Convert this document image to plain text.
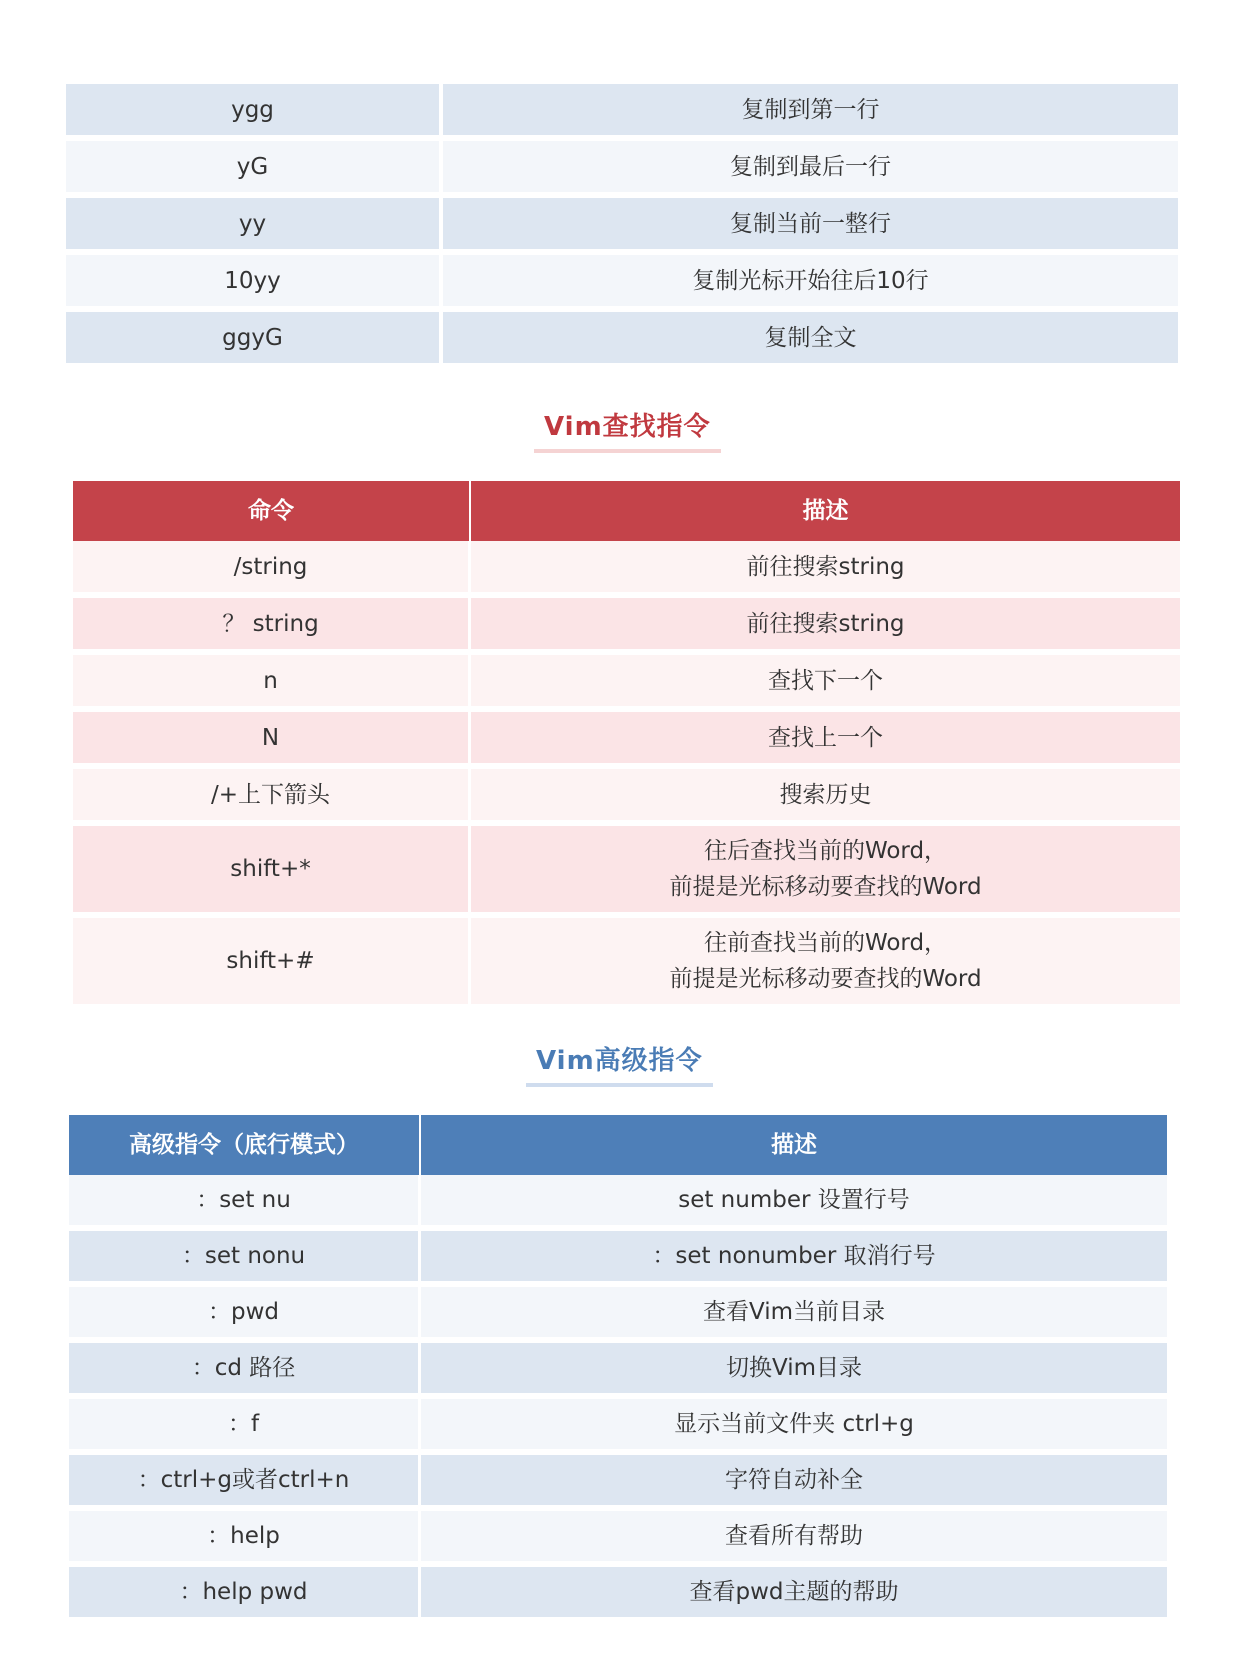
ygg	复制到第一行
yG	复制到最后一行
yy	复制当前一整行
10yy	复制光标开始往后10行
ggyG	复制全文
Vim查找指令
命令	描述
/string	前往搜索string
？ string	前往搜索string
n	查找下一个
N	查找上一个
/+上下箭头	搜索历史
shift+*	往后查找当前的Word，
前提是光标移动要查找的Word

shift+#	往前查找当前的Word，
前提是光标移动要查找的Word
Vim高级指令
高级指令（底行模式）	描述
：set nu	set number 设置行号
：set nonu	：set nonumber 取消行号
：pwd	查看Vim当前目录
：cd 路径	切换Vim目录
：f	显示当前文件夹 ctrl+g
：ctrl+g或者ctrl+n	字符自动补全
：help	查看所有帮助
：help pwd	查看pwd主题的帮助
